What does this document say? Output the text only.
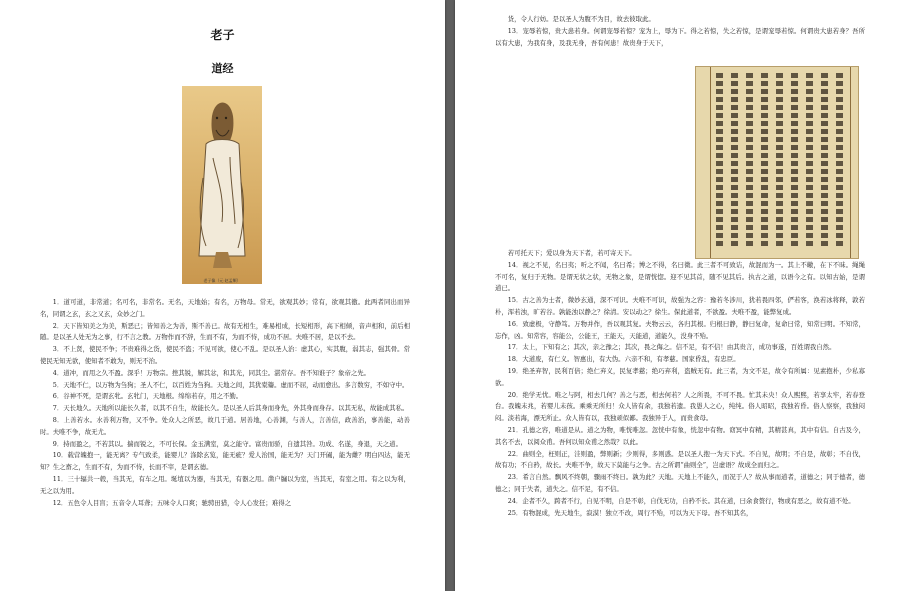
老子
道经
老子像（元·赵孟頫）

1．道可道，非常道；名可名，非常名。无名，天地始；有名，万物母。常无，欲观其妙；常有，欲观其徼。此两者同出而异名，同谓之玄，玄之又玄，众妙之门。

2．天下皆知美之为美，斯恶已；皆知善之为善，斯不善已。故有无相生，难易相成，长短相形，高下相倾，音声相和，前后相随。是以圣人处无为之事，行不言之教。万物作而不辞，生而不有，为而不恃，成功不居。夫唯不居，是以不去。

3．不上贤，使民不争；不贵难得之货，使民不盗；不见可欲，使心不乱。是以圣人治：虚其心，实其腹，弱其志，强其骨。常使民无知无欲，使知者不敢为，则无不治。

4．道冲，而用之久不盈。深乎！万物宗。挫其锐，解其忿，和其光，同其尘。湛常存。吾不知谁子？象帝之先。

5．天地不仁，以万物为刍狗；圣人不仁，以百姓为刍狗。天地之间，其犹橐籥。虚而不屈，动而愈出。多言数穷，不如守中。

6．谷神不死，是谓玄牝。玄牝门，天地根。绵绵若存，用之不勤。

7．天长地久。天地所以能长久者，以其不自生，故能长久。是以圣人后其身而身先，外其身而身存。以其无私，故能成其私。

8．上善若水。水善利万物，又不争。处众人之所恶，故几于道。居善地，心善渊，与善人，言善信，政善治，事善能，动善时。夫唯不争，故无尤。

9．持而盈之，不若其以。揣而锐之，不可长保。金玉满室，莫之能守。富贵而骄，自遗其咎。功成、名遂，身退，天之道。

10．载营魄抱一，能无离？专气致柔，能婴儿？涤除玄览，能无疵？爱人治国，能无为？天门开阖，能为雌？明白四达，能无知？生之畜之，生而不有，为而不恃，长而不宰，是谓玄德。

11．三十辐共一毂，当其无，有车之用。埏埴以为器，当其无，有器之用。凿户牖以为室，当其无，有室之用。有之以为利，无之以为用。

12．五色令人目盲；五音令人耳聋；五味令人口爽；驰骋田猎，令人心发狂；难得之

货，令人行妨。是以圣人为腹不为目，故去彼取此。

13．宠辱若惊，贵大患若身。何谓宠辱若惊？宠为上，辱为下。得之若惊，失之若惊，是谓宠辱若惊。何谓贵大患若身？吾所以有大患，为我有身，及我无身，吾有何患！故贵身于天下，

若可托天下；爱以身为天下者，若可寄天下。

14．视之不见，名曰夷；听之不闻，名曰希；博之不得，名曰微。此三者不可致诘，故混而为一。其上不皦，在下不昧。绳绳不可名，复归于无物。是谓无状之状，无物之象，是谓恍惚。迎不见其首，随不见其后。执古之道，以语今之有。以知古始，是谓道已。

15．古之善为士者，微妙玄通，深不可识。夫唯不可识，故强为之容：豫若冬涉川，犹若畏四邻，俨若客，涣若冰将释，敦若朴，浑若浊，旷若谷。孰能浊以静之？徐清。安以动之？徐生。保此道者，不欲盈。夫唯不盈，能弊复成。

16．致虚极，守静笃。万物并作，吾以观其复。夫物云云，各归其根。归根曰静，静曰复命，复命曰常，知常曰明。不知常，忘作，凶。知常容，容能公，公能王，王能天，天能道，道能久，没身不殆。

17．太上，下知有之；其次，亲之豫之；其次，畏之侮之。信不足，有不信！由其贵言，成功事遂，百姓谓我自然。

18．大道废，有仁义。智惠出，有大伪。六亲不和，有孝慈。国家昏乱，有忠臣。

19．绝圣弃智，民利百倍；绝仁弃义，民复孝慈；绝巧弃利，盗贼无有。此三者，为文不足，故令有所属：见素抱朴，少私寡欲。

20．绝学无忧。唯之与阿，相去几何？善之与恶，相去何若？人之所畏，不可不畏。忙其未央！众人熙熙，若享太牢，若春登台。我魄未兆，若婴儿未孩。乘乘无所归！众人皆有余，我独若遗。我愚人之心，纯纯。俗人昭昭，我独若昏。俗人察察，我独闷闷。淡若海，漂无所止。众人皆有以，我独顽似鄙。我独异于人，而贵食母。

21．孔德之容，唯道是从。道之为物，唯恍唯忽。忽恍中有象，恍忽中有物。窈冥中有精，其精甚真，其中有信。自古及今，其名不去，以阅众甫。吾何以知众甫之然哉？以此。

22．曲则全，枉则正，洼则盈，弊则新；少则得，多则惑。是以圣人抱一为天下式。不自见，故明；不自是，故彰；不自伐，故有功；不自矜，故长。夫唯不争，故天下莫能与之争。古之所谓“曲则全”，岂虚语？故成全而归之。

23．希言自然。飘风不终朝，骤雨不终日。孰为此？天地。天地上不能久，而况于人？故从事而道者，道德之；同于德者，德德之；同于失者，道失之。信不足，有不信。

24．企者不久，跨者不行，自见不明，自是不彰，自伐无功，自矜不长。其在道，曰余食赘行，物或有恶之，故有道不处。

25．有物混成，先天地生，寂漠！独立不改，周行不殆，可以为天下母。吾不知其名，
